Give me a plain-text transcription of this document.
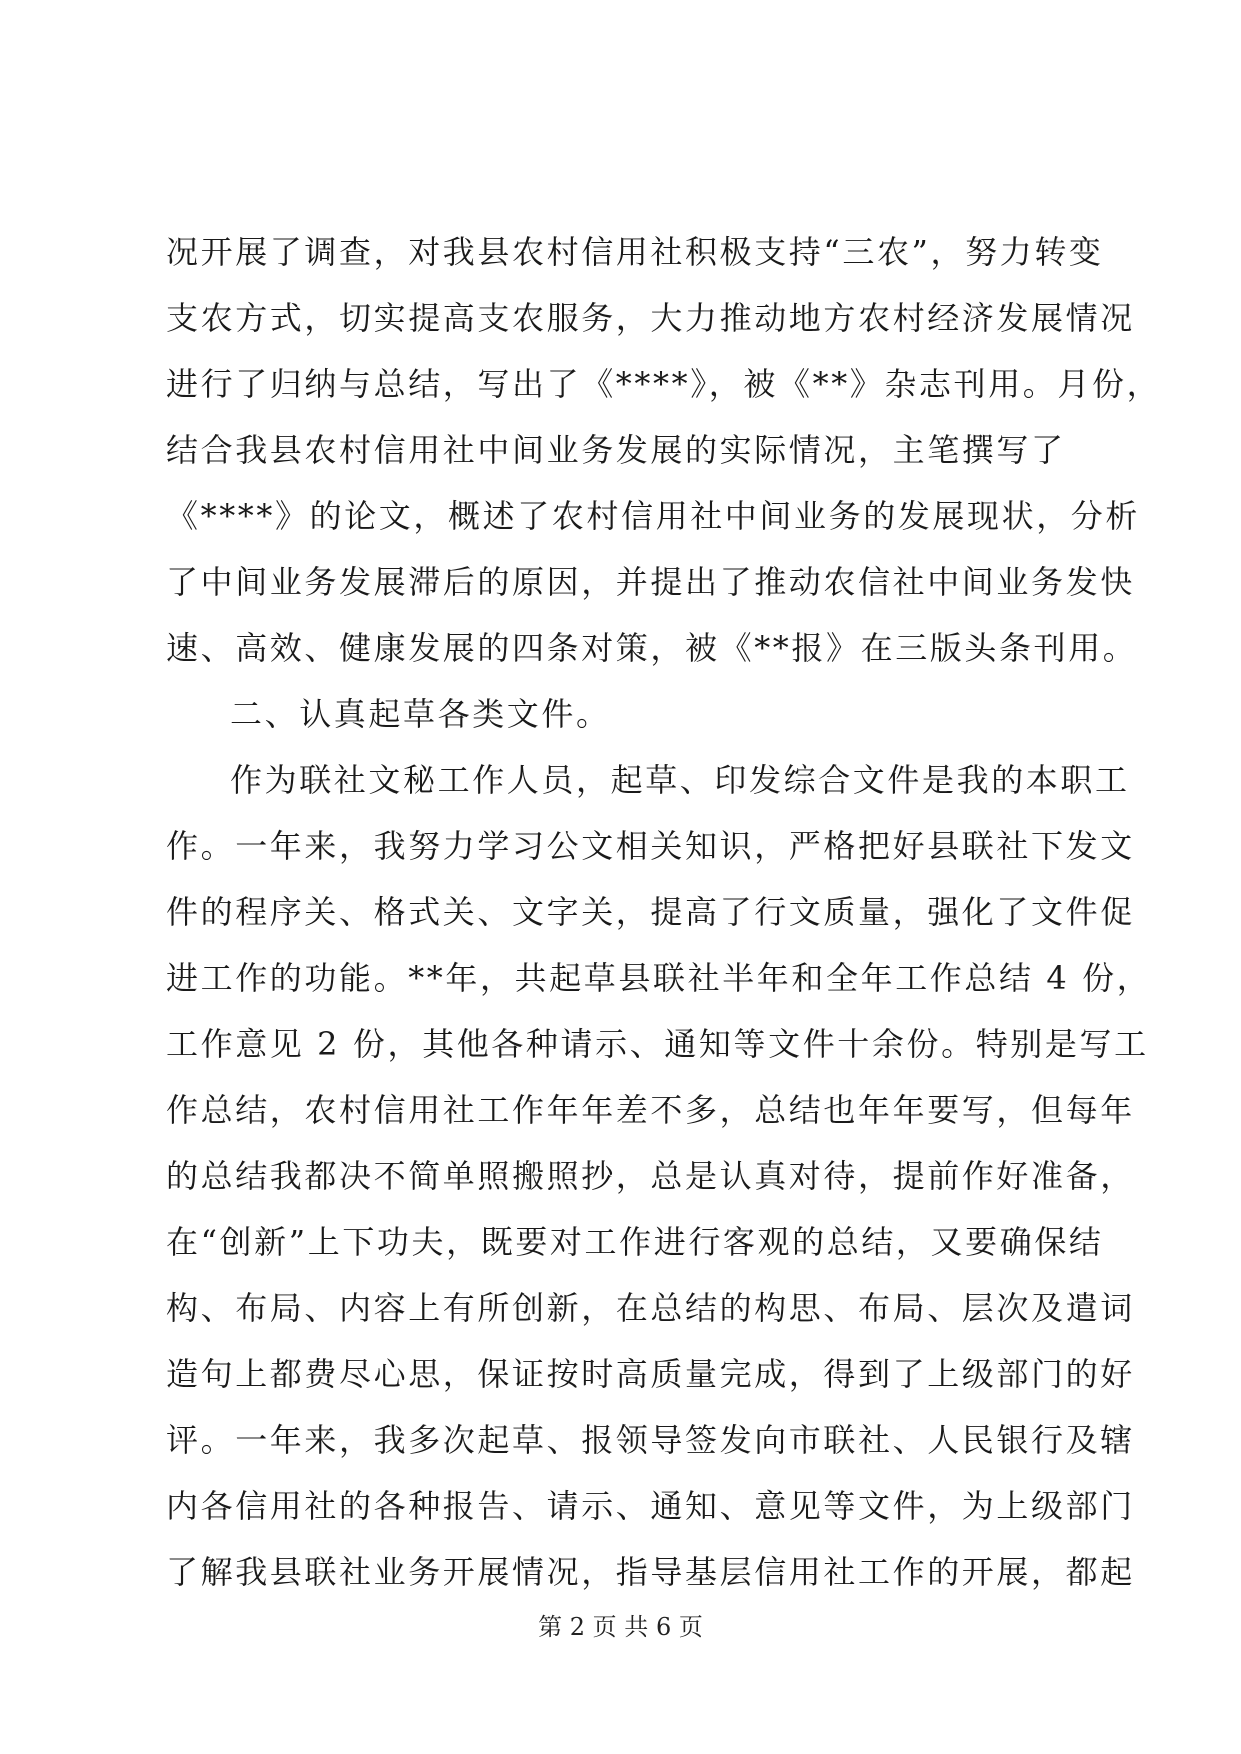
况开展了调查，对我县农村信用社积极支持“三农”，努力转变
支农方式，切实提高支农服务，大力推动地方农村经济发展情况
进行了归纳与总结，写出了《****》，被《**》杂志刊用。月份，
结合我县农村信用社中间业务发展的实际情况，主笔撰写了
《****》的论文，概述了农村信用社中间业务的发展现状，分析
了中间业务发展滞后的原因，并提出了推动农信社中间业务发快
速、高效、健康发展的四条对策，被《**报》在三版头条刊用。
二、认真起草各类文件。
作为联社文秘工作人员，起草、印发综合文件是我的本职工
作。一年来，我努力学习公文相关知识，严格把好县联社下发文
件的程序关、格式关、文字关，提高了行文质量，强化了文件促
进工作的功能。**年，共起草县联社半年和全年工作总结 4 份，
工作意见 2 份，其他各种请示、通知等文件十余份。特别是写工
作总结，农村信用社工作年年差不多，总结也年年要写，但每年
的总结我都决不简单照搬照抄，总是认真对待，提前作好准备，
在“创新”上下功夫，既要对工作进行客观的总结，又要确保结
构、布局、内容上有所创新，在总结的构思、布局、层次及遣词
造句上都费尽心思，保证按时高质量完成，得到了上级部门的好
评。一年来，我多次起草、报领导签发向市联社、人民银行及辖
内各信用社的各种报告、请示、通知、意见等文件，为上级部门
了解我县联社业务开展情况，指导基层信用社工作的开展，都起
第 2 页 共 6 页
